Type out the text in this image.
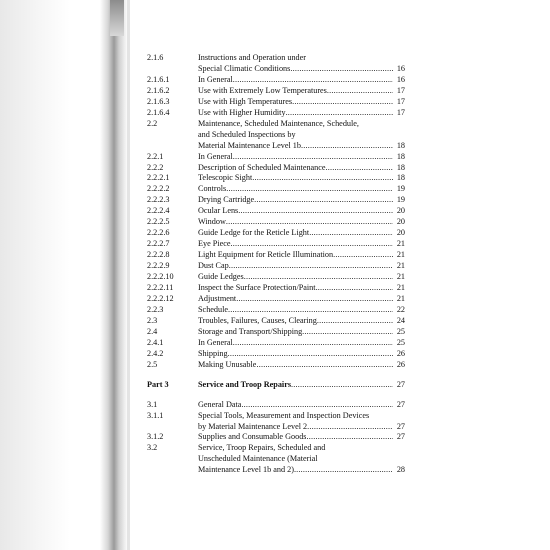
2.1.6	Instructions and Operation under
Special Climatic Conditions .....	16
2.1.6.1	In General .....	16
2.1.6.2	Use with Extremely Low Temperatures .....	17
2.1.6.3	Use with High Temperatures .....	17
2.1.6.4	Use with Higher Humidity .....	17
2.2	Maintenance, Scheduled Maintenance, Schedule,
and Scheduled Inspections by
Material Maintenance Level 1b .....	18
2.2.1	In General .....	18
2.2.2	Description of Scheduled Maintenance .....	18
2.2.2.1	Telescopic Sight .....	18
2.2.2.2	Controls .....	19
2.2.2.3	Drying Cartridge .....	19
2.2.2.4	Ocular Lens .....	20
2.2.2.5	Window .....	20
2.2.2.6	Guide Ledge for the Reticle Light .....	20
2.2.2.7	Eye Piece .....	21
2.2.2.8	Light Equipment for Reticle Illumination .....	21
2.2.2.9	Dust Cap .....	21
2.2.2.10	Guide Ledges .....	21
2.2.2.11	Inspect the Surface Protection/Paint .....	21
2.2.2.12	Adjustment .....	21
2.2.3	Schedule .....	22
2.3	Troubles, Failures, Causes, Clearing .....	24
2.4	Storage and Transport/Shipping .....	25
2.4.1	In General .....	25
2.4.2	Shipping .....	26
2.5	Making Unusable .....	26
Part 3	Service and Troop Repairs .....	27
3.1	General Data .....	27
3.1.1	Special Tools, Measurement and Inspection Devices
by Material Maintenance Level 2 .....	27
3.1.2	Supplies and Consumable Goods .....	27
3.2	Service, Troop Repairs, Scheduled and
Unscheduled Maintenance (Material
Maintenance Level 1b and 2) .....	28
